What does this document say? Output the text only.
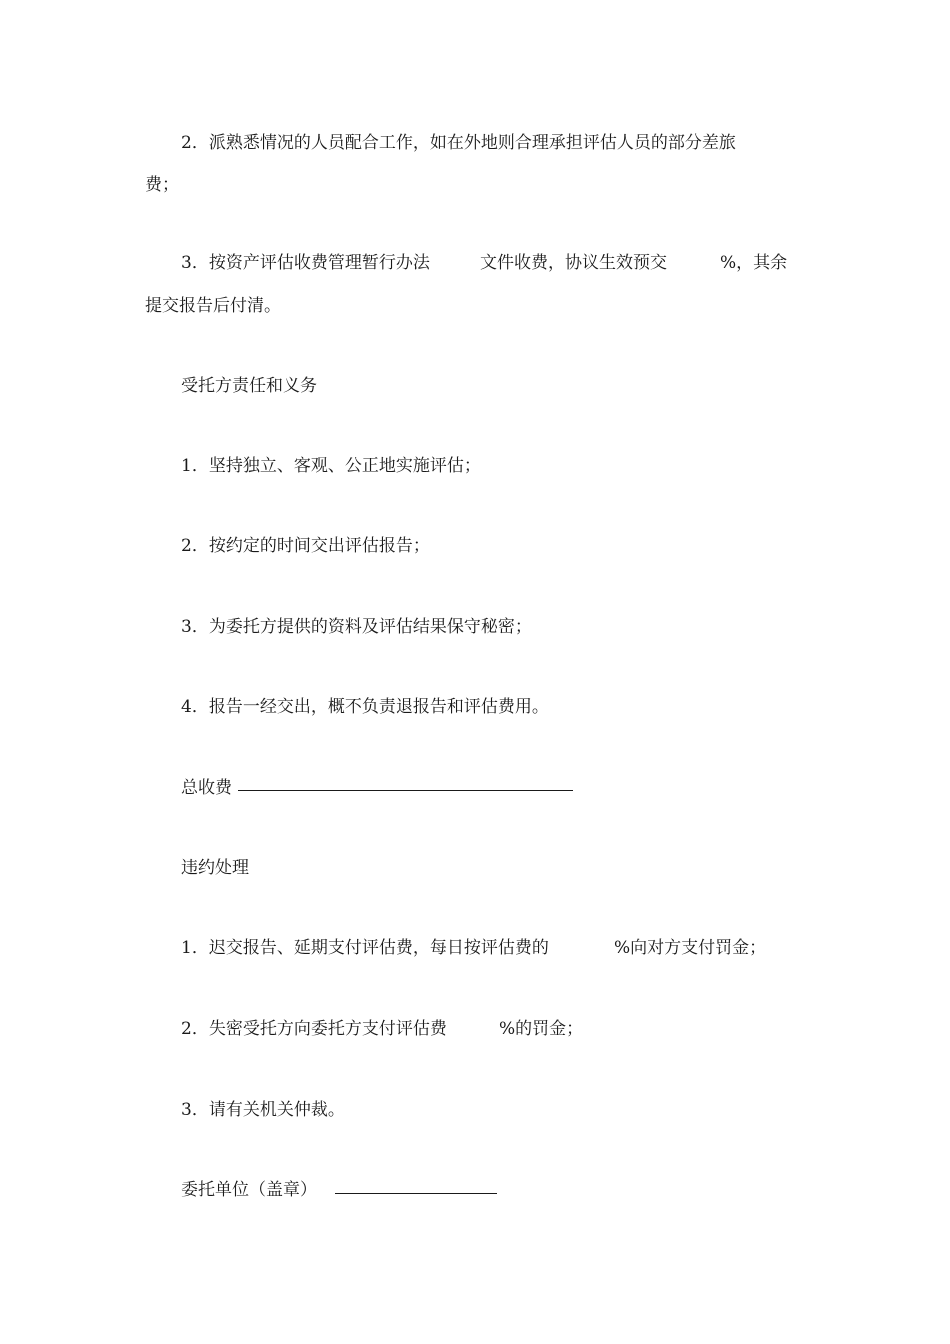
2．派熟悉情况的人员配合工作，如在外地则合理承担评估人员的部分差旅

费；

3．按资产评估收费管理暂行办法	文件收费，协议生效预交	%，其余

提交报告后付清。

受托方责任和义务

1．坚持独立、客观、公正地实施评估；

2．按约定的时间交出评估报告；

3．为委托方提供的资料及评估结果保守秘密；

4．报告一经交出，概不负责退报告和评估费用。

总收费

违约处理

1．迟交报告、延期支付评估费，每日按评估费的	%向对方支付罚金；

2．失密受托方向委托方支付评估费	%的罚金；

3．请有关机关仲裁。

委托单位（盖章）
